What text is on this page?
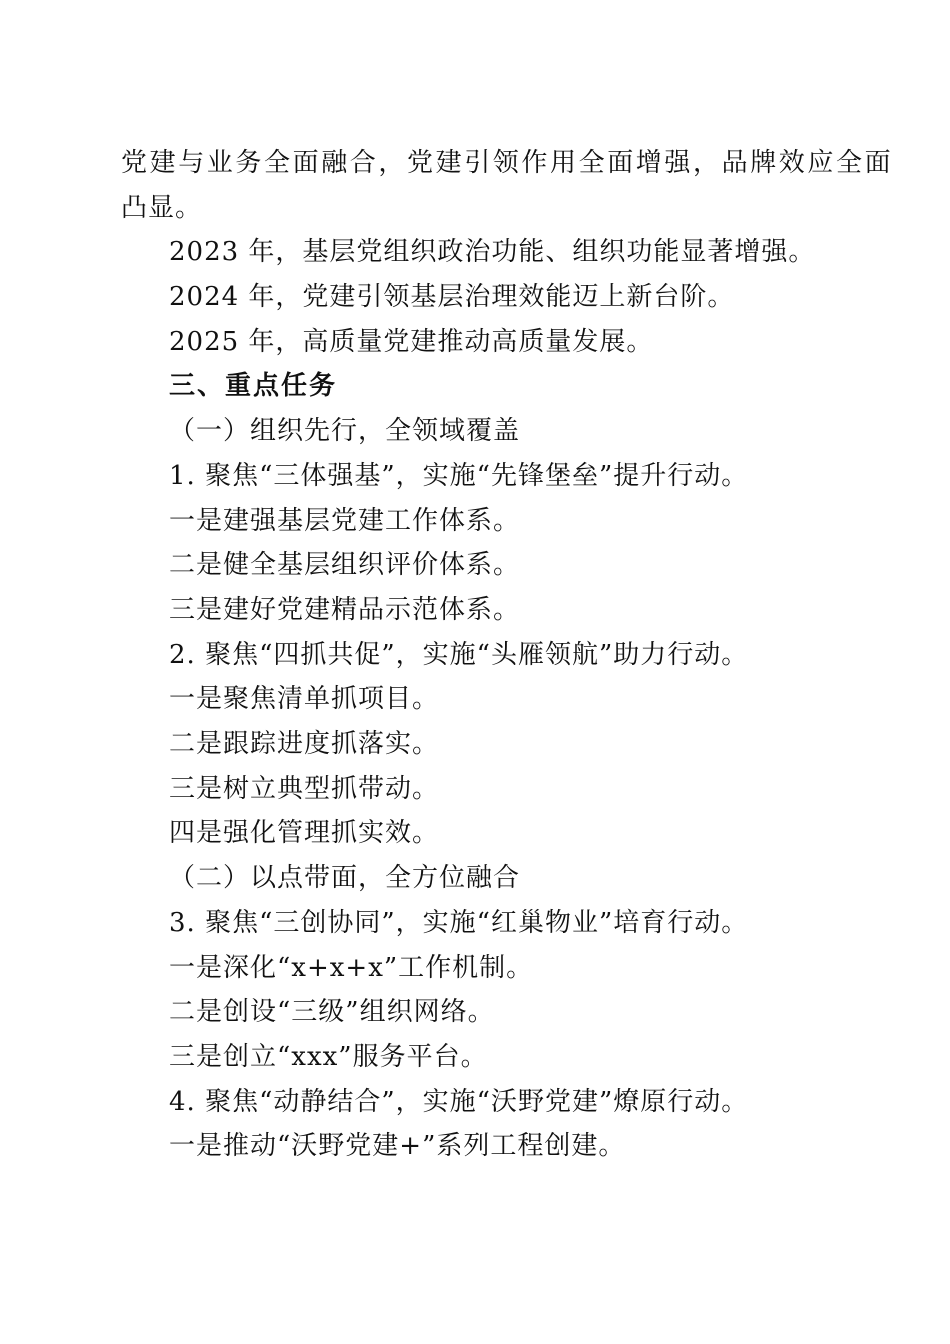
党建与业务全面融合，党建引领作用全面增强，品牌效应全面
凸显。
2023 年，基层党组织政治功能、组织功能显著增强。
2024 年，党建引领基层治理效能迈上新台阶。
2025 年，高质量党建推动高质量发展。
三、重点任务
（一）组织先行，全领域覆盖
1. 聚焦“三体强基”，实施“先锋堡垒”提升行动。
一是建强基层党建工作体系。
二是健全基层组织评价体系。
三是建好党建精品示范体系。
2. 聚焦“四抓共促”，实施“头雁领航”助力行动。
一是聚焦清单抓项目。
二是跟踪进度抓落实。
三是树立典型抓带动。
四是强化管理抓实效。
（二）以点带面，全方位融合
3. 聚焦“三创协同”，实施“红巢物业”培育行动。
一是深化“x+x+x”工作机制。
二是创设“三级”组织网络。
三是创立“xxx”服务平台。
4. 聚焦“动静结合”，实施“沃野党建”燎原行动。
一是推动“沃野党建+”系列工程创建。
